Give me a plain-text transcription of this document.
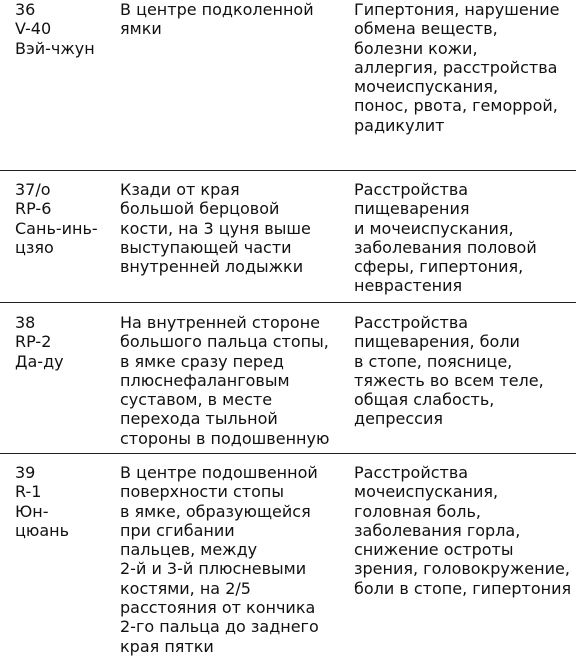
36
V-40
Вэй-чжун
В центре подколенной
ямки
Гипертония, нарушение
обмена веществ,
болезни кожи,
аллергия, расстройства
мочеиспускания,
понос, рвота, геморрой,
радикулит
37/о
RP-6
Сань-инь-
цзяо
Кзади от края
большой берцовой
кости, на 3 цуня выше
выступающей части
внутренней лодыжки
Расстройства
пищеварения
и мочеиспускания,
заболевания половой
сферы, гипертония,
неврастения
38
RP-2
Да-ду
На внутренней стороне
большого пальца стопы,
в ямке сразу перед
плюснефаланговым
суставом, в месте
перехода тыльной
стороны в подошвенную
Расстройства
пищеварения, боли
в стопе, пояснице,
тяжесть во всем теле,
общая слабость,
депрессия
39
R-1
Юн-
цюань
В центре подошвенной
поверхности стопы
в ямке, образующейся
при сгибании
пальцев, между
2-й и 3-й плюсневыми
костями, на 2/5
расстояния от кончика
2-го пальца до заднего
края пятки
Расстройства
мочеиспускания,
головная боль,
заболевания горла,
снижение остроты
зрения, головокружение,
боли в стопе, гипертония
